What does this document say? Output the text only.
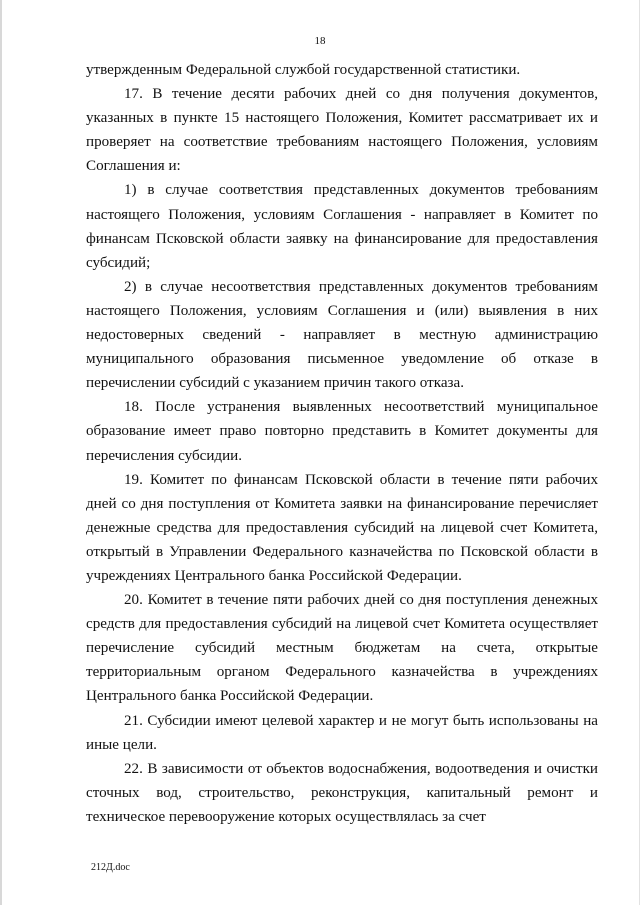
18

утвержденным Федеральной службой государственной статистики.

17. В течение десяти рабочих дней со дня получения документов, указанных в пункте 15 настоящего Положения, Комитет рассматривает их и проверяет на соответствие требованиям настоящего Положения, условиям Соглашения и:

1) в случае соответствия представленных документов требованиям настоящего Положения, условиям Соглашения - направляет в Комитет по финансам Псковской области заявку на финансирование для предоставления субсидий;

2) в случае несоответствия представленных документов требованиям настоящего Положения, условиям Соглашения и (или) выявления в них недостоверных сведений - направляет в местную администрацию муниципального образования письменное уведомление об отказе в перечислении субсидий с указанием причин такого отказа.

18. После устранения выявленных несоответствий муниципальное образование имеет право повторно представить в Комитет документы для перечисления субсидии.

19. Комитет по финансам Псковской области в течение пяти рабочих дней со дня поступления от Комитета заявки на финансирование перечисляет денежные средства для предоставления субсидий на лицевой счет Комитета, открытый в Управлении Федерального казначейства по Псковской области в учреждениях Центрального банка Российской Федерации.

20. Комитет в течение пяти рабочих дней со дня поступления денежных средств для предоставления субсидий на лицевой счет Комитета осуществляет перечисление субсидий местным бюджетам на счета, открытые территориальным органом Федерального казначейства в учреждениях Центрального банка Российской Федерации.

21. Субсидии имеют целевой характер и не могут быть использованы на иные цели.

22. В зависимости от объектов водоснабжения, водоотведения и очистки сточных вод, строительство, реконструкция, капитальный ремонт и техническое перевооружение которых осуществлялась за счет

212Д.doc
